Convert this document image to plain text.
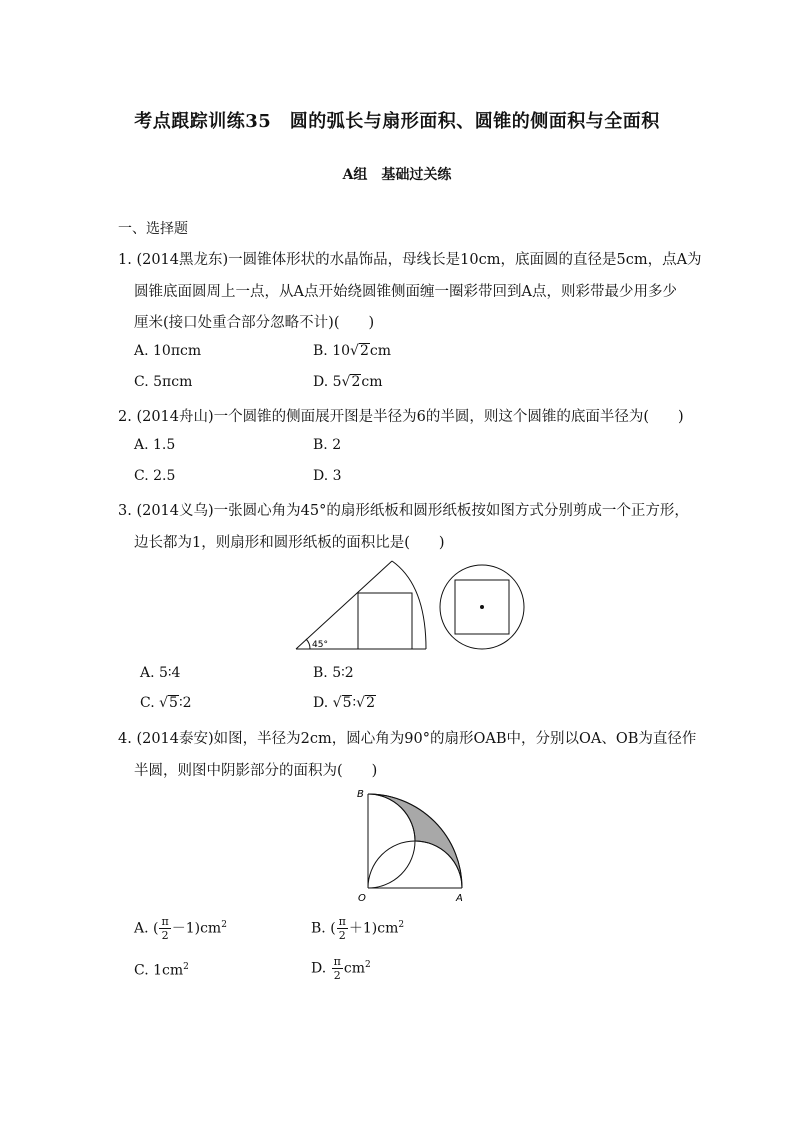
考点跟踪训练35　圆的弧长与扇形面积、圆锥的侧面积与全面积
A组　基础过关练
一、选择题
1. (2014黑龙东)一圆锥体形状的水晶饰品，母线长是10cm，底面圆的直径是5cm，点A为
圆锥底面圆周上一点，从A点开始绕圆锥侧面缠一圈彩带回到A点，则彩带最少用多少
厘米(接口处重合部分忽略不计)(　　)
A. 10πcm	B. 10√2cm
C. 5πcm	D. 5√2cm
2. (2014舟山)一个圆锥的侧面展开图是半径为6的半圆，则这个圆锥的底面半径为(　　)
A. 1.5	B. 2
C. 2.5	D. 3
3. (2014义乌)一张圆心角为45°的扇形纸板和圆形纸板按如图方式分别剪成一个正方形，
边长都为1，则扇形和圆形纸板的面积比是(　　)
45°
A. 5∶4	B. 5∶2
C. √5∶2	D. √5∶√2
4. (2014泰安)如图，半径为2cm，圆心角为90°的扇形OAB中，分别以OA、OB为直径作
半圆，则图中阴影部分的面积为(　　)
B
O	A
A. ( $\frac{\pi}{2} -1)cm^2$	B. ( $\frac{\pi}{2} +1)cm^2$
C. $1cm^2$	D. $\frac{\pi}{2} cm^2$
